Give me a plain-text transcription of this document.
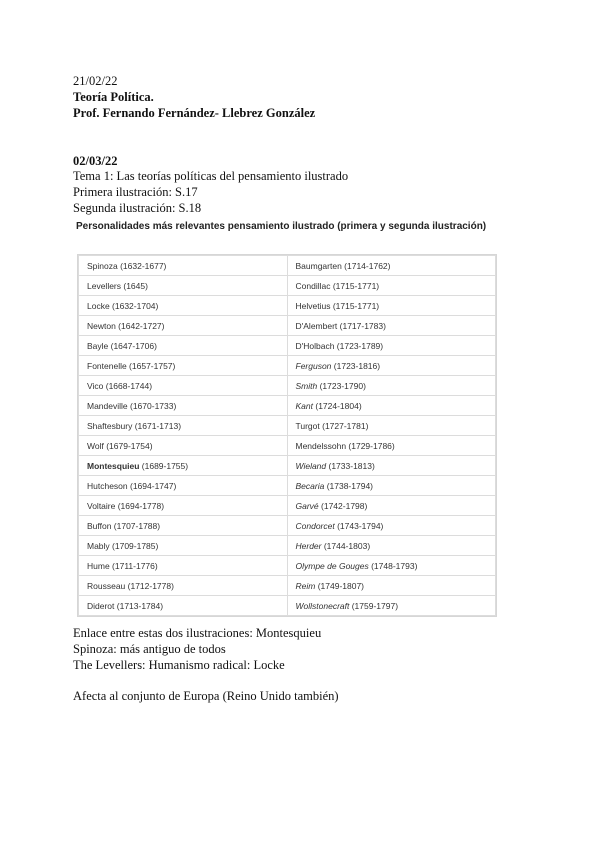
21/02/22
Teoría Política.
Prof. Fernando Fernández- Llebrez González
02/03/22
Tema 1: Las teorías políticas del pensamiento ilustrado
Primera ilustración: S.17
Segunda ilustración: S.18
Personalidades más relevantes pensamiento ilustrado (primera y segunda ilustración)
Spinoza (1632-1677)	Baumgarten (1714-1762)
Levellers (1645)	Condillac (1715-1771)
Locke (1632-1704)	Helvetius (1715-1771)
Newton (1642-1727)	D'Alembert (1717-1783)
Bayle (1647-1706)	D'Holbach (1723-1789)
Fontenelle (1657-1757)	Ferguson (1723-1816)
Vico (1668-1744)	Smith (1723-1790)
Mandeville (1670-1733)	Kant (1724-1804)
Shaftesbury (1671-1713)	Turgot (1727-1781)
Wolf (1679-1754)	Mendelssohn (1729-1786)
Montesquieu (1689-1755)	Wieland (1733-1813)
Hutcheson (1694-1747)	Becaria (1738-1794)
Voltaire (1694-1778)	Garvé (1742-1798)
Buffon (1707-1788)	Condorcet (1743-1794)
Mably (1709-1785)	Herder (1744-1803)
Hume (1711-1776)	Olympe de Gouges (1748-1793)
Rousseau (1712-1778)	Reim (1749-1807)
Diderot (1713-1784)	Wollstonecraft (1759-1797)
Enlace entre estas dos ilustraciones: Montesquieu
Spinoza: más antiguo de todos
The Levellers: Humanismo radical: Locke
Afecta al conjunto de Europa (Reino Unido también)
